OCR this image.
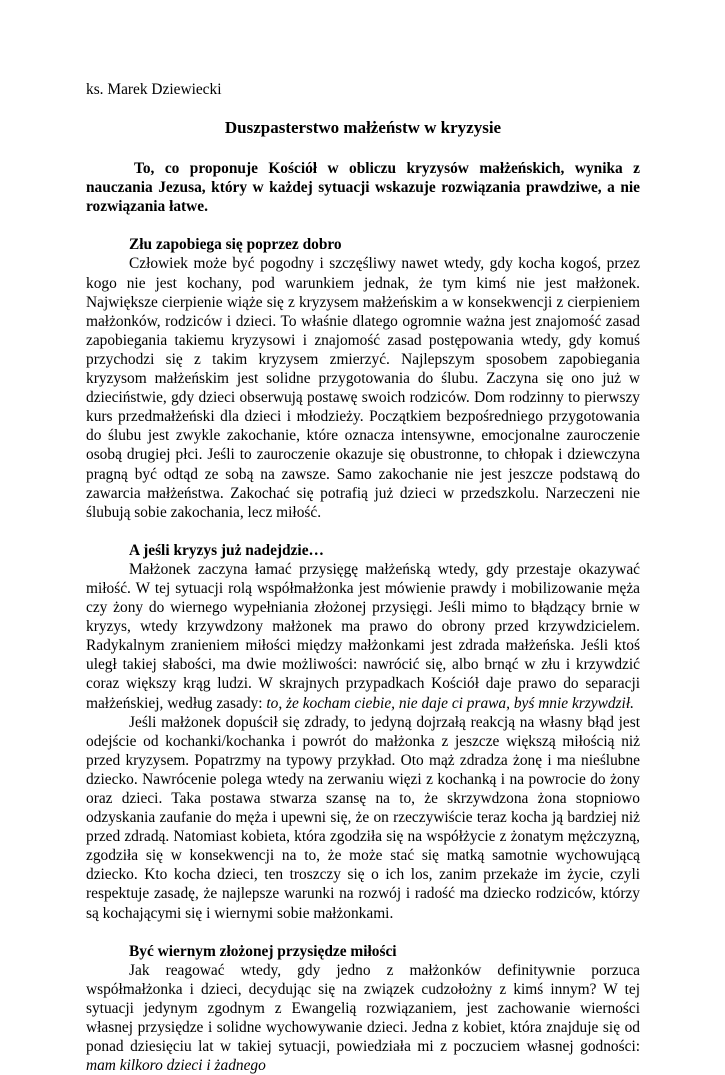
ks. Marek Dziewiecki

Duszpasterstwo małżeństw w kryzysie

To, co proponuje Kościół w obliczu kryzysów małżeńskich, wynika z nauczania Jezusa, który w każdej sytuacji wskazuje rozwiązania prawdziwe, a nie rozwiązania łatwe.

Złu zapobiega się poprzez dobro

Człowiek może być pogodny i szczęśliwy nawet wtedy, gdy kocha kogoś, przez kogo nie jest kochany, pod warunkiem jednak, że tym kimś nie jest małżonek. Największe cierpienie wiąże się z kryzysem małżeńskim a w konsekwencji z cierpieniem małżonków, rodziców i dzieci. To właśnie dlatego ogromnie ważna jest znajomość zasad zapobiegania takiemu kryzysowi i znajomość zasad postępowania wtedy, gdy komuś przychodzi się z takim kryzysem zmierzyć. Najlepszym sposobem zapobiegania kryzysom małżeńskim jest solidne przygotowania do ślubu. Zaczyna się ono już w dzieciństwie, gdy dzieci obserwują postawę swoich rodziców. Dom rodzinny to pierwszy kurs przedmałżeński dla dzieci i młodzieży. Początkiem bezpośredniego przygotowania do ślubu jest zwykle zakochanie, które oznacza intensywne, emocjonalne zauroczenie osobą drugiej płci. Jeśli to zauroczenie okazuje się obustronne, to chłopak i dziewczyna pragną być odtąd ze sobą na zawsze. Samo zakochanie nie jest jeszcze podstawą do zawarcia małżeństwa. Zakochać się potrafią już dzieci w przedszkolu. Narzeczeni nie ślubują sobie zakochania, lecz miłość.

A jeśli kryzys już nadejdzie…

Małżonek zaczyna łamać przysięgę małżeńską wtedy, gdy przestaje okazywać miłość. W tej sytuacji rolą współmałżonka jest mówienie prawdy i mobilizowanie męża czy żony do wiernego wypełniania złożonej przysięgi. Jeśli mimo to błądzący brnie w kryzys, wtedy krzywdzony małżonek ma prawo do obrony przed krzywdzicielem. Radykalnym zranieniem miłości między małżonkami jest zdrada małżeńska. Jeśli ktoś uległ takiej słabości, ma dwie możliwości: nawrócić się, albo brnąć w złu i krzywdzić coraz większy krąg ludzi. W skrajnych przypadkach Kościół daje prawo do separacji małżeńskiej, według zasady: to, że kocham ciebie, nie daje ci prawa, byś mnie krzywdził.

Jeśli małżonek dopuścił się zdrady, to jedyną dojrzałą reakcją na własny błąd jest odejście od kochanki/kochanka i powrót do małżonka z jeszcze większą miłością niż przed kryzysem. Popatrzmy na typowy przykład. Oto mąż zdradza żonę i ma nieślubne dziecko. Nawrócenie polega wtedy na zerwaniu więzi z kochanką i na powrocie do żony oraz dzieci. Taka postawa stwarza szansę na to, że skrzywdzona żona stopniowo odzyskania zaufanie do męża i upewni się, że on rzeczywiście teraz kocha ją bardziej niż przed zdradą. Natomiast kobieta, która zgodziła się na współżycie z żonatym mężczyzną, zgodziła się w konsekwencji na to, że może stać się matką samotnie wychowującą dziecko. Kto kocha dzieci, ten troszczy się o ich los, zanim przekaże im życie, czyli respektuje zasadę, że najlepsze warunki na rozwój i radość ma dziecko rodziców, którzy są kochającymi się i wiernymi sobie małżonkami.

Być wiernym złożonej przysiędze miłości

Jak reagować wtedy, gdy jedno z małżonków definitywnie porzuca współmałżonka i dzieci, decydując się na związek cudzołożny z kimś innym? W tej sytuacji jedynym zgodnym z Ewangelią rozwiązaniem, jest zachowanie wierności własnej przysiędze i solidne wychowywanie dzieci. Jedna z kobiet, która znajduje się od ponad dziesięciu lat w takiej sytuacji, powiedziała mi z poczuciem własnej godności: mam kilkoro dzieci i żadnego
